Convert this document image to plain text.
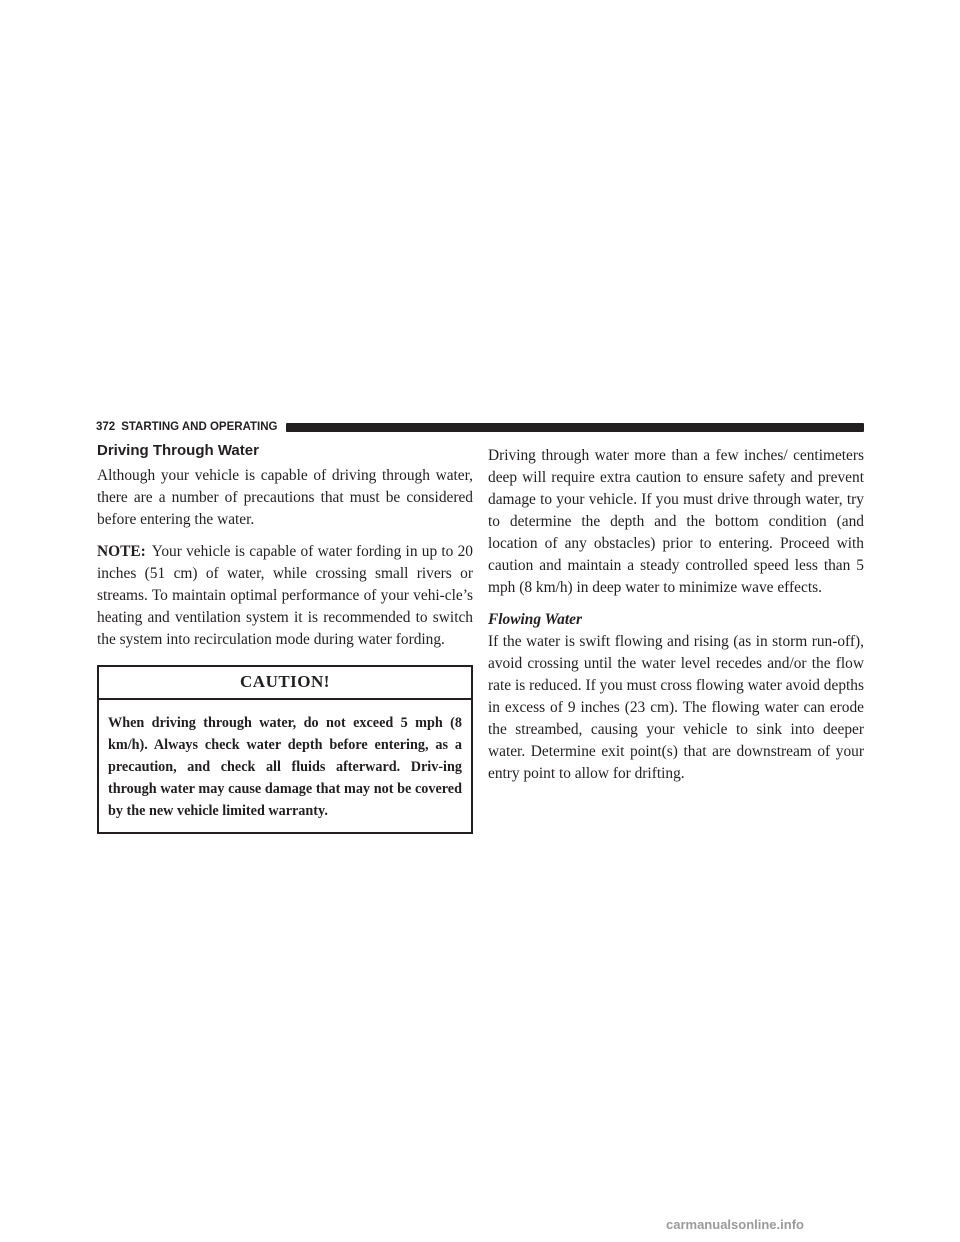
372 STARTING AND OPERATING
Driving Through Water

Although your vehicle is capable of driving through water, there are a number of precautions that must be considered before entering the water.

NOTE: Your vehicle is capable of water fording in up to 20 inches (51 cm) of water, while crossing small rivers or streams. To maintain optimal performance of your vehi-cle’s heating and ventilation system it is recommended to switch the system into recirculation mode during water fording.

CAUTION!
When driving through water, do not exceed 5 mph (8 km/h). Always check water depth before entering, as a precaution, and check all fluids afterward. Driv-ing through water may cause damage that may not be covered by the new vehicle limited warranty.

Driving through water more than a few inches/ centimeters deep will require extra caution to ensure safety and prevent damage to your vehicle. If you must drive through water, try to determine the depth and the bottom condition (and location of any obstacles) prior to entering. Proceed with caution and maintain a steady controlled speed less than 5 mph (8 km/h) in deep water to minimize wave effects.

Flowing Water

If the water is swift flowing and rising (as in storm run-off), avoid crossing until the water level recedes and/or the flow rate is reduced. If you must cross flowing water avoid depths in excess of 9 inches (23 cm). The flowing water can erode the streambed, causing your vehicle to sink into deeper water. Determine exit point(s) that are downstream of your entry point to allow for drifting.

carmanualsonline.info
